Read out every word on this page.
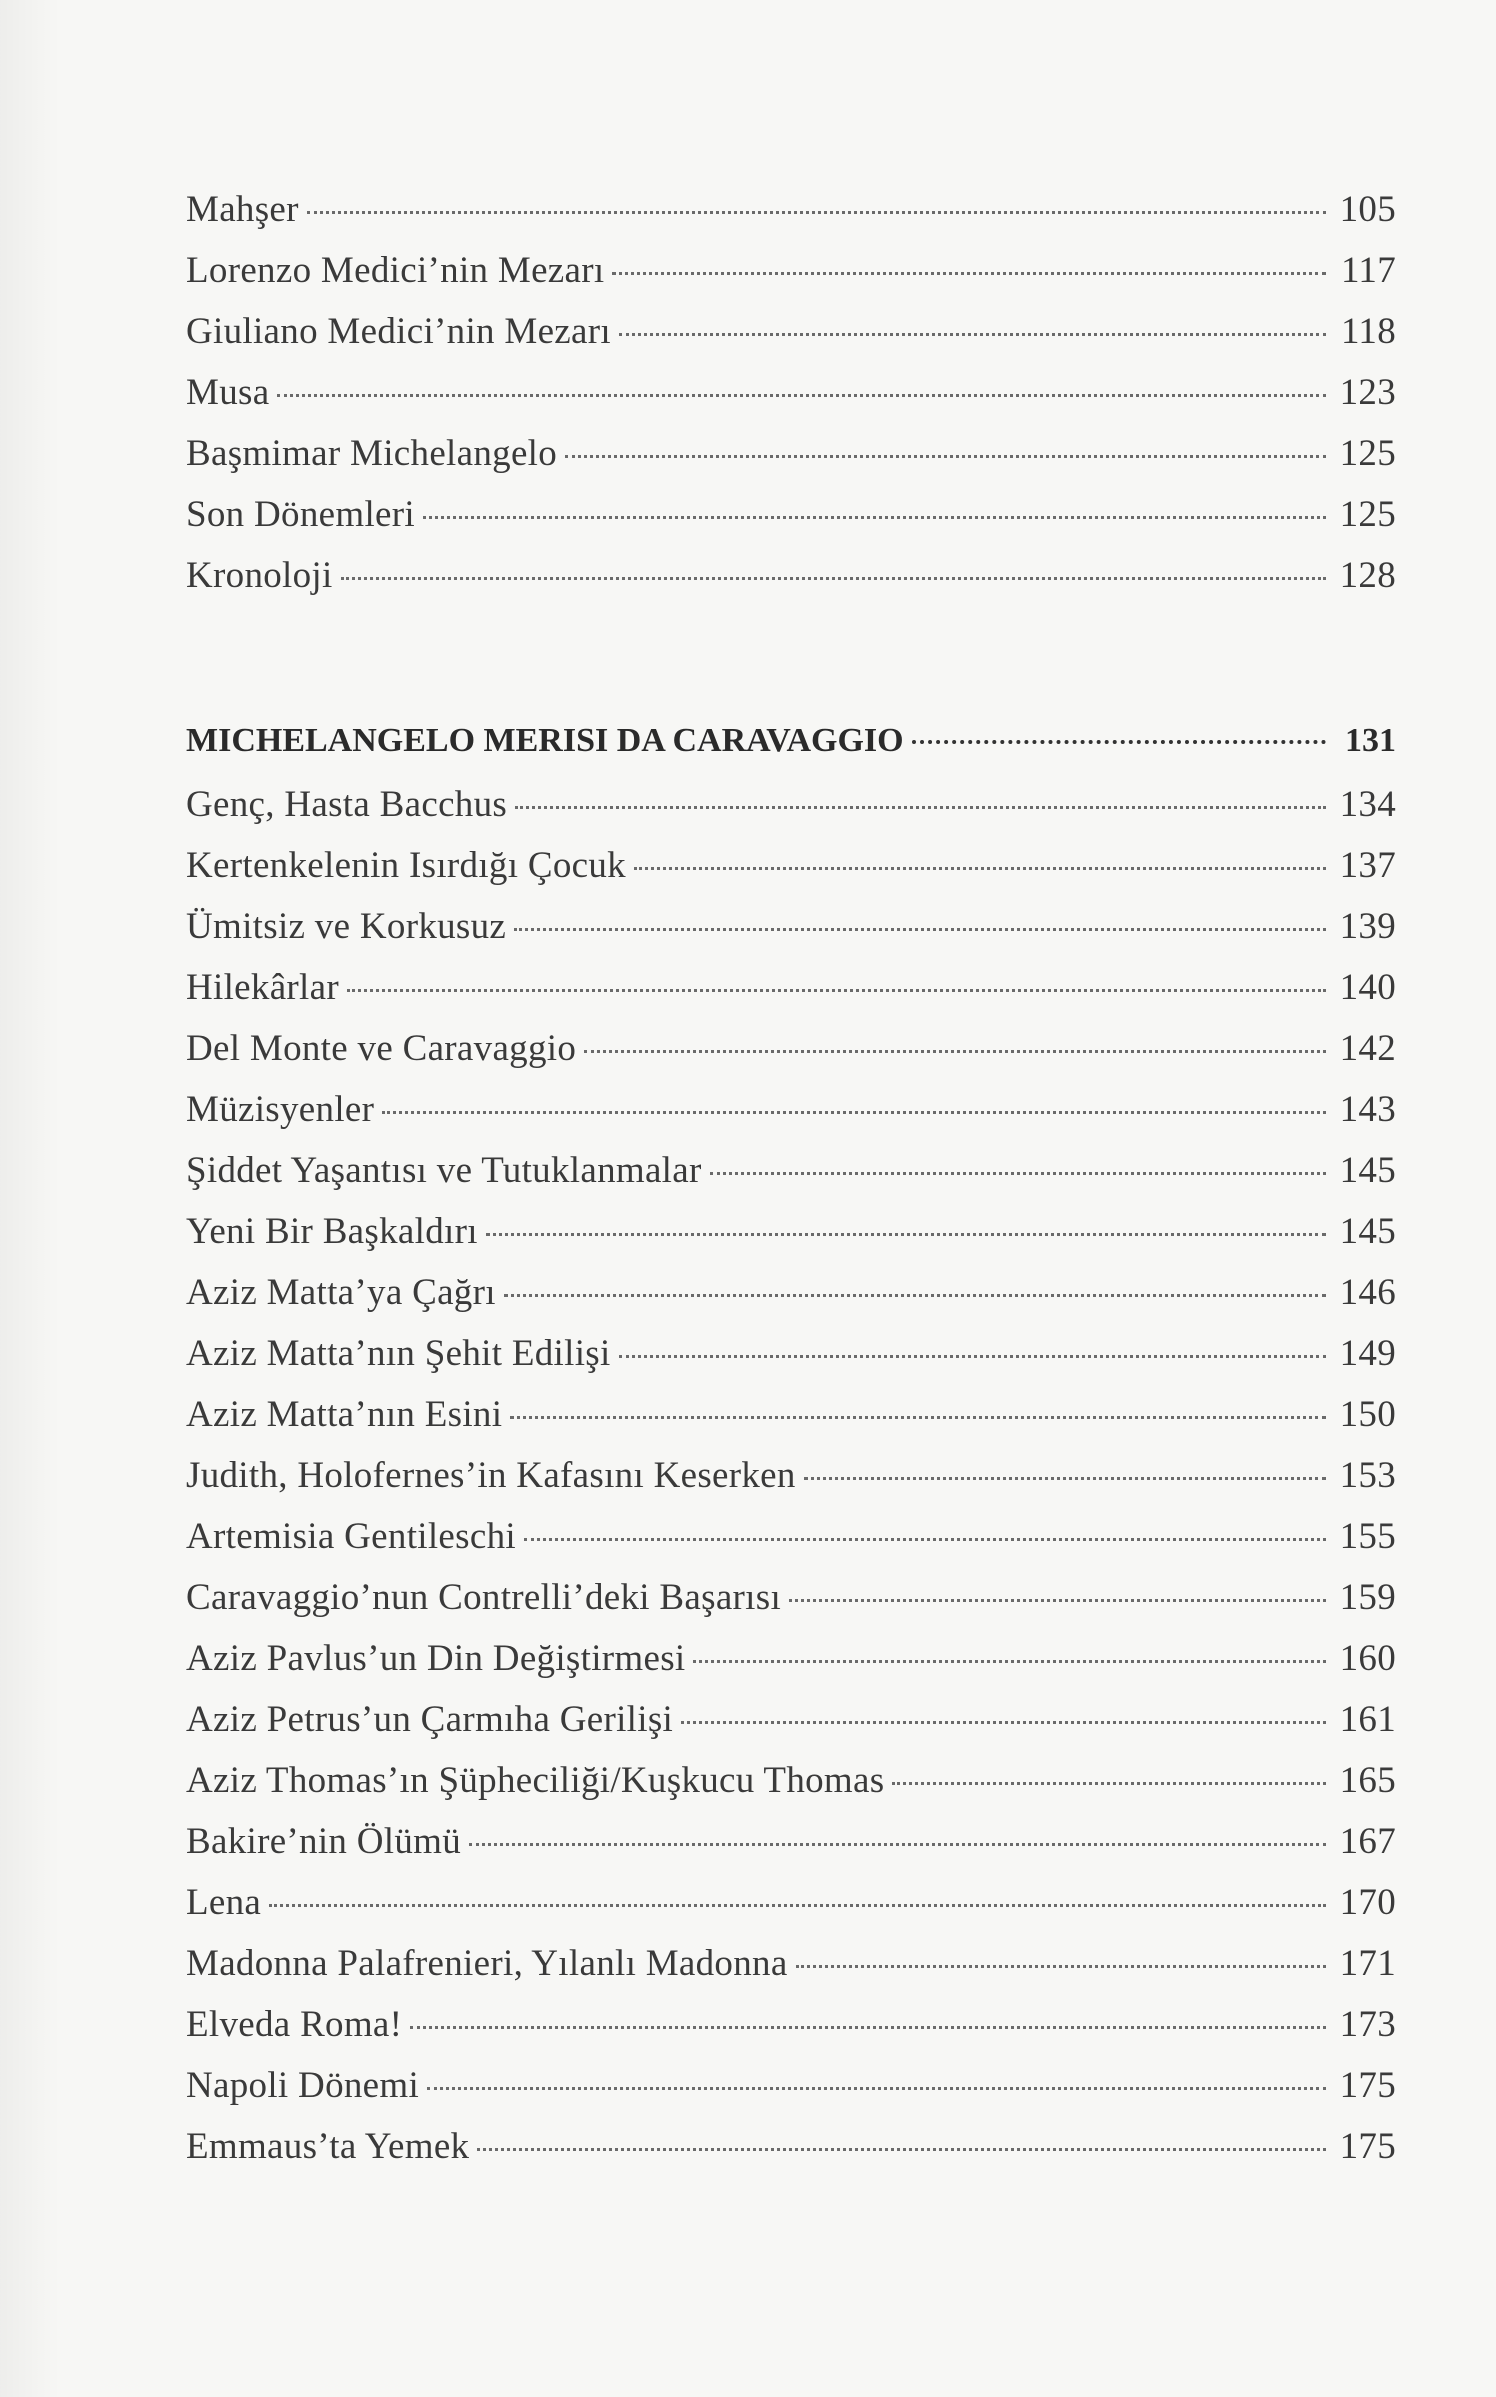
Mahşer	105
Lorenzo Medici’nin Mezarı	117
Giuliano Medici’nin Mezarı	118
Musa	123
Başmimar Michelangelo	125
Son Dönemleri	125
Kronoloji	128
MICHELANGELO MERISI DA CARAVAGGIO	131
Genç, Hasta Bacchus	134
Kertenkelenin Isırdığı Çocuk	137
Ümitsiz ve Korkusuz	139
Hilekârlar	140
Del Monte ve Caravaggio	142
Müzisyenler	143
Şiddet Yaşantısı ve Tutuklanmalar	145
Yeni Bir Başkaldırı	145
Aziz Matta’ya Çağrı	146
Aziz Matta’nın Şehit Edilişi	149
Aziz Matta’nın Esini	150
Judith, Holofernes’in Kafasını Keserken	153
Artemisia Gentileschi	155
Caravaggio’nun Contrelli’deki Başarısı	159
Aziz Pavlus’un Din Değiştirmesi	160
Aziz Petrus’un Çarmıha Gerilişi	161
Aziz Thomas’ın Şüpheciliği/Kuşkucu Thomas	165
Bakire’nin Ölümü	167
Lena	170
Madonna Palafrenieri, Yılanlı Madonna	171
Elveda Roma!	173
Napoli Dönemi	175
Emmaus’ta Yemek	175
